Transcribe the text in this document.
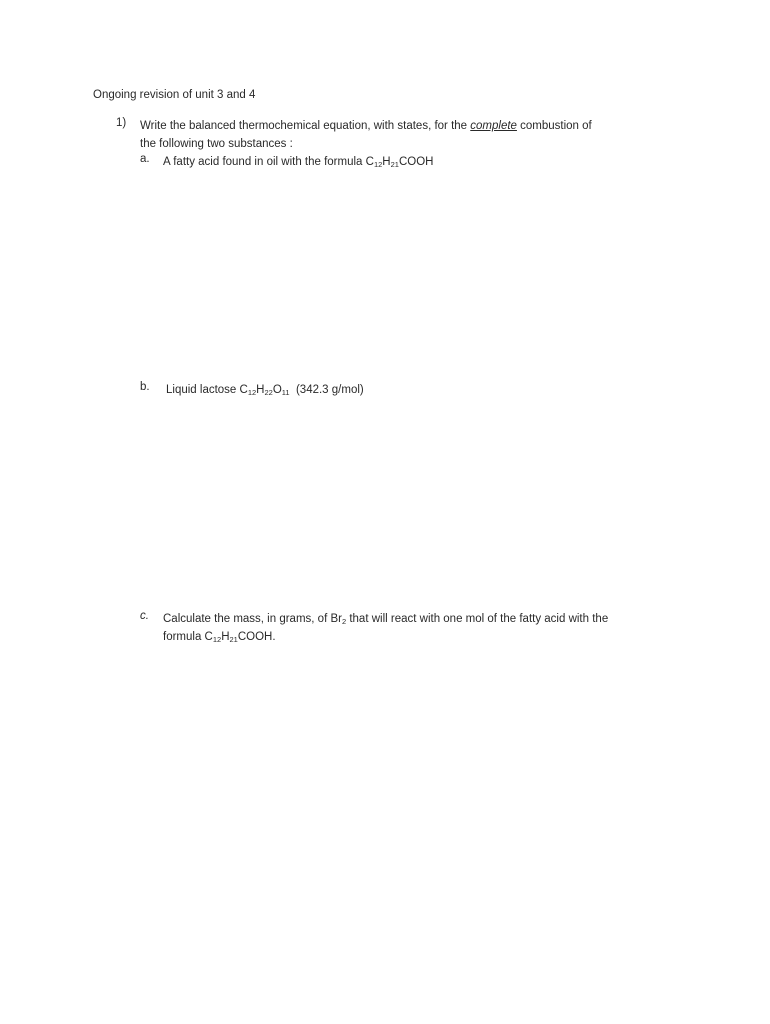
Ongoing revision of unit 3 and 4
1) Write the balanced thermochemical equation, with states, for the complete combustion of
the following two substances :
a. A fatty acid found in oil with the formula $C_{12}H_{21}COOH$
b. Liquid lactose $C_{12}H_{22}O_{11}$  (342.3 g/mol)
c. Calculate the mass, in grams, of $Br_2$ that will react with one mol of the fatty acid with the
formula $C_{12}H_{21}COOH$.
